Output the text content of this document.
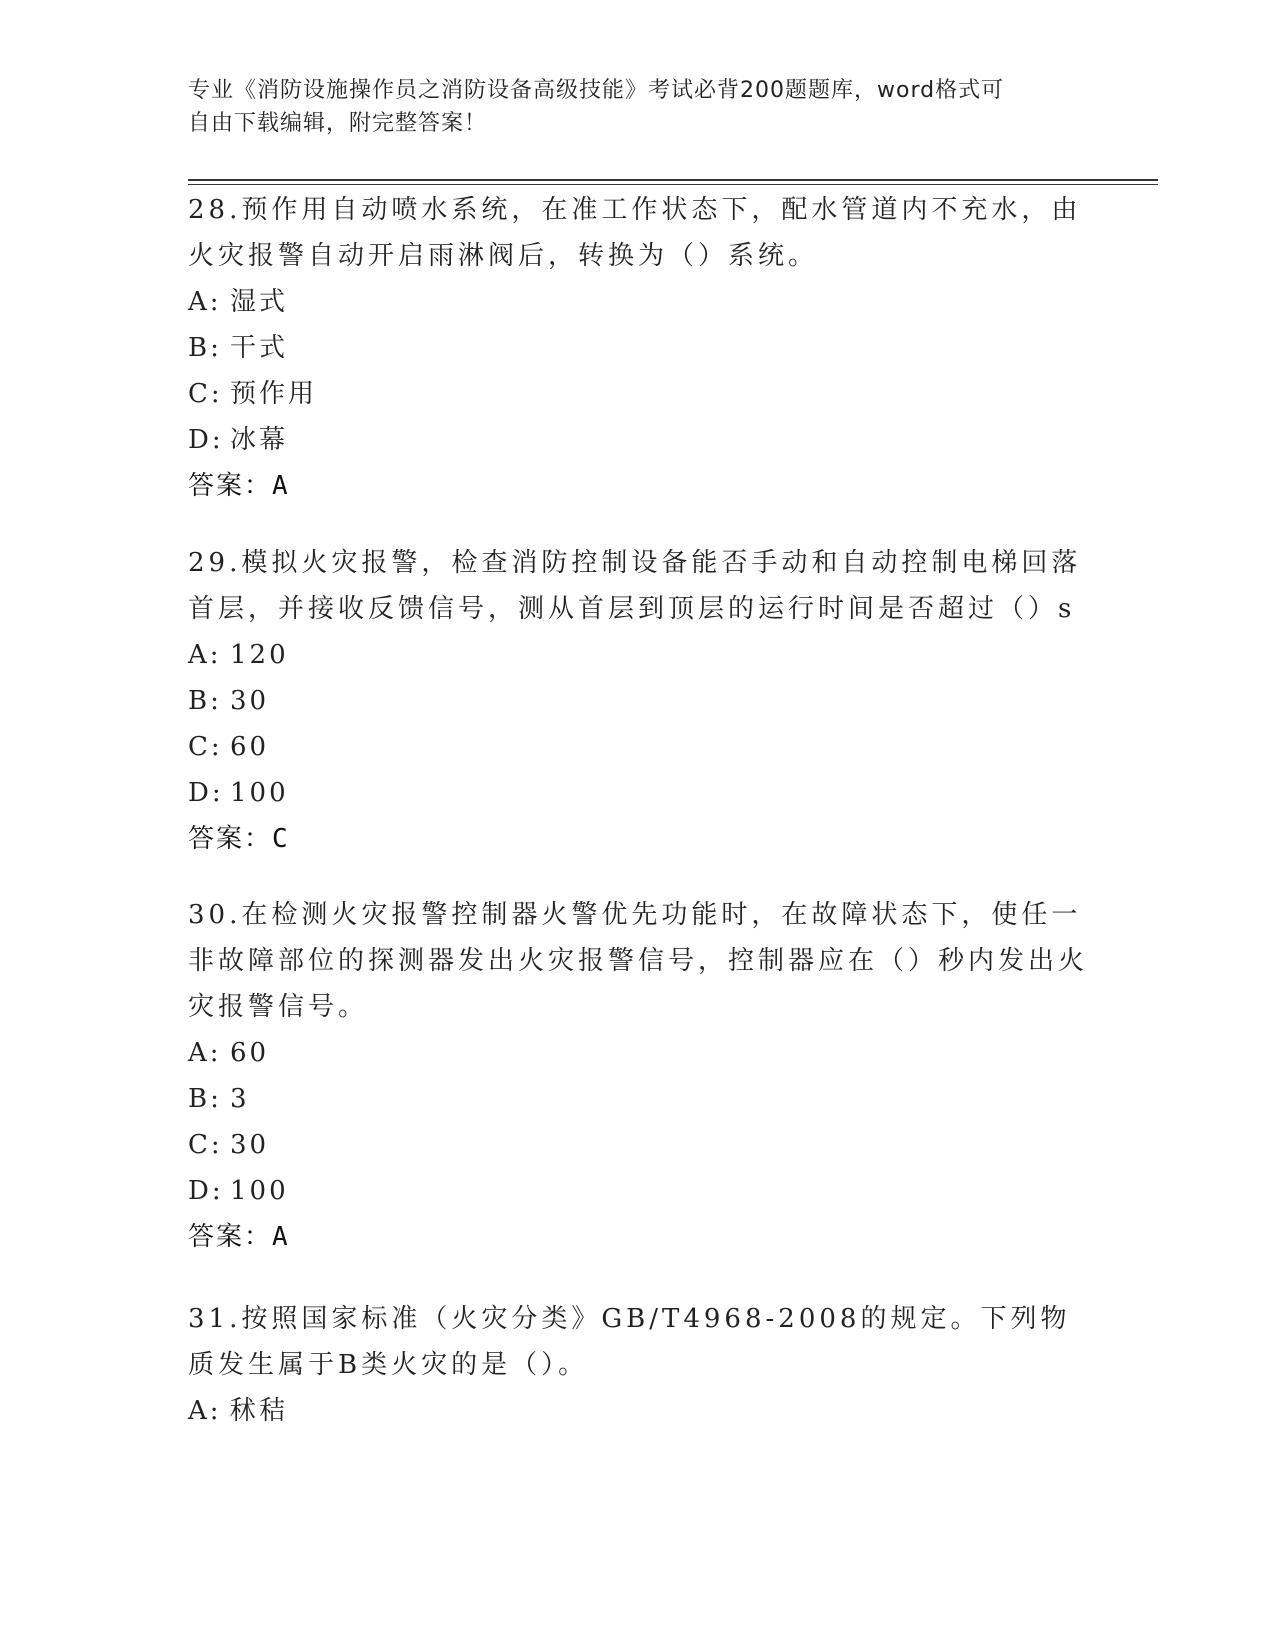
专业《消防设施操作员之消防设备高级技能》考试必背200题题库，word格式可
自由下载编辑，附完整答案！

28.预作用自动喷水系统，在准工作状态下，配水管道内不充水，由火灾报警自动开启雨淋阀后，转换为（）系统。

A: 湿式
B: 干式
C: 预作用
D: 冰幕
答案：A

29.模拟火灾报警，检查消防控制设备能否手动和自动控制电梯回落首层，并接收反馈信号，测从首层到顶层的运行时间是否超过（）s

A: 120
B: 30
C: 60
D: 100
答案：C

30.在检测火灾报警控制器火警优先功能时，在故障状态下，使任一非故障部位的探测器发出火灾报警信号，控制器应在（）秒内发出火灾报警信号。

A: 60
B: 3
C: 30
D: 100
答案：A

31.按照国家标准（火灾分类》GB/T4968-2008的规定。下列物质发生属于B类火灾的是（）。

A: 秫秸
